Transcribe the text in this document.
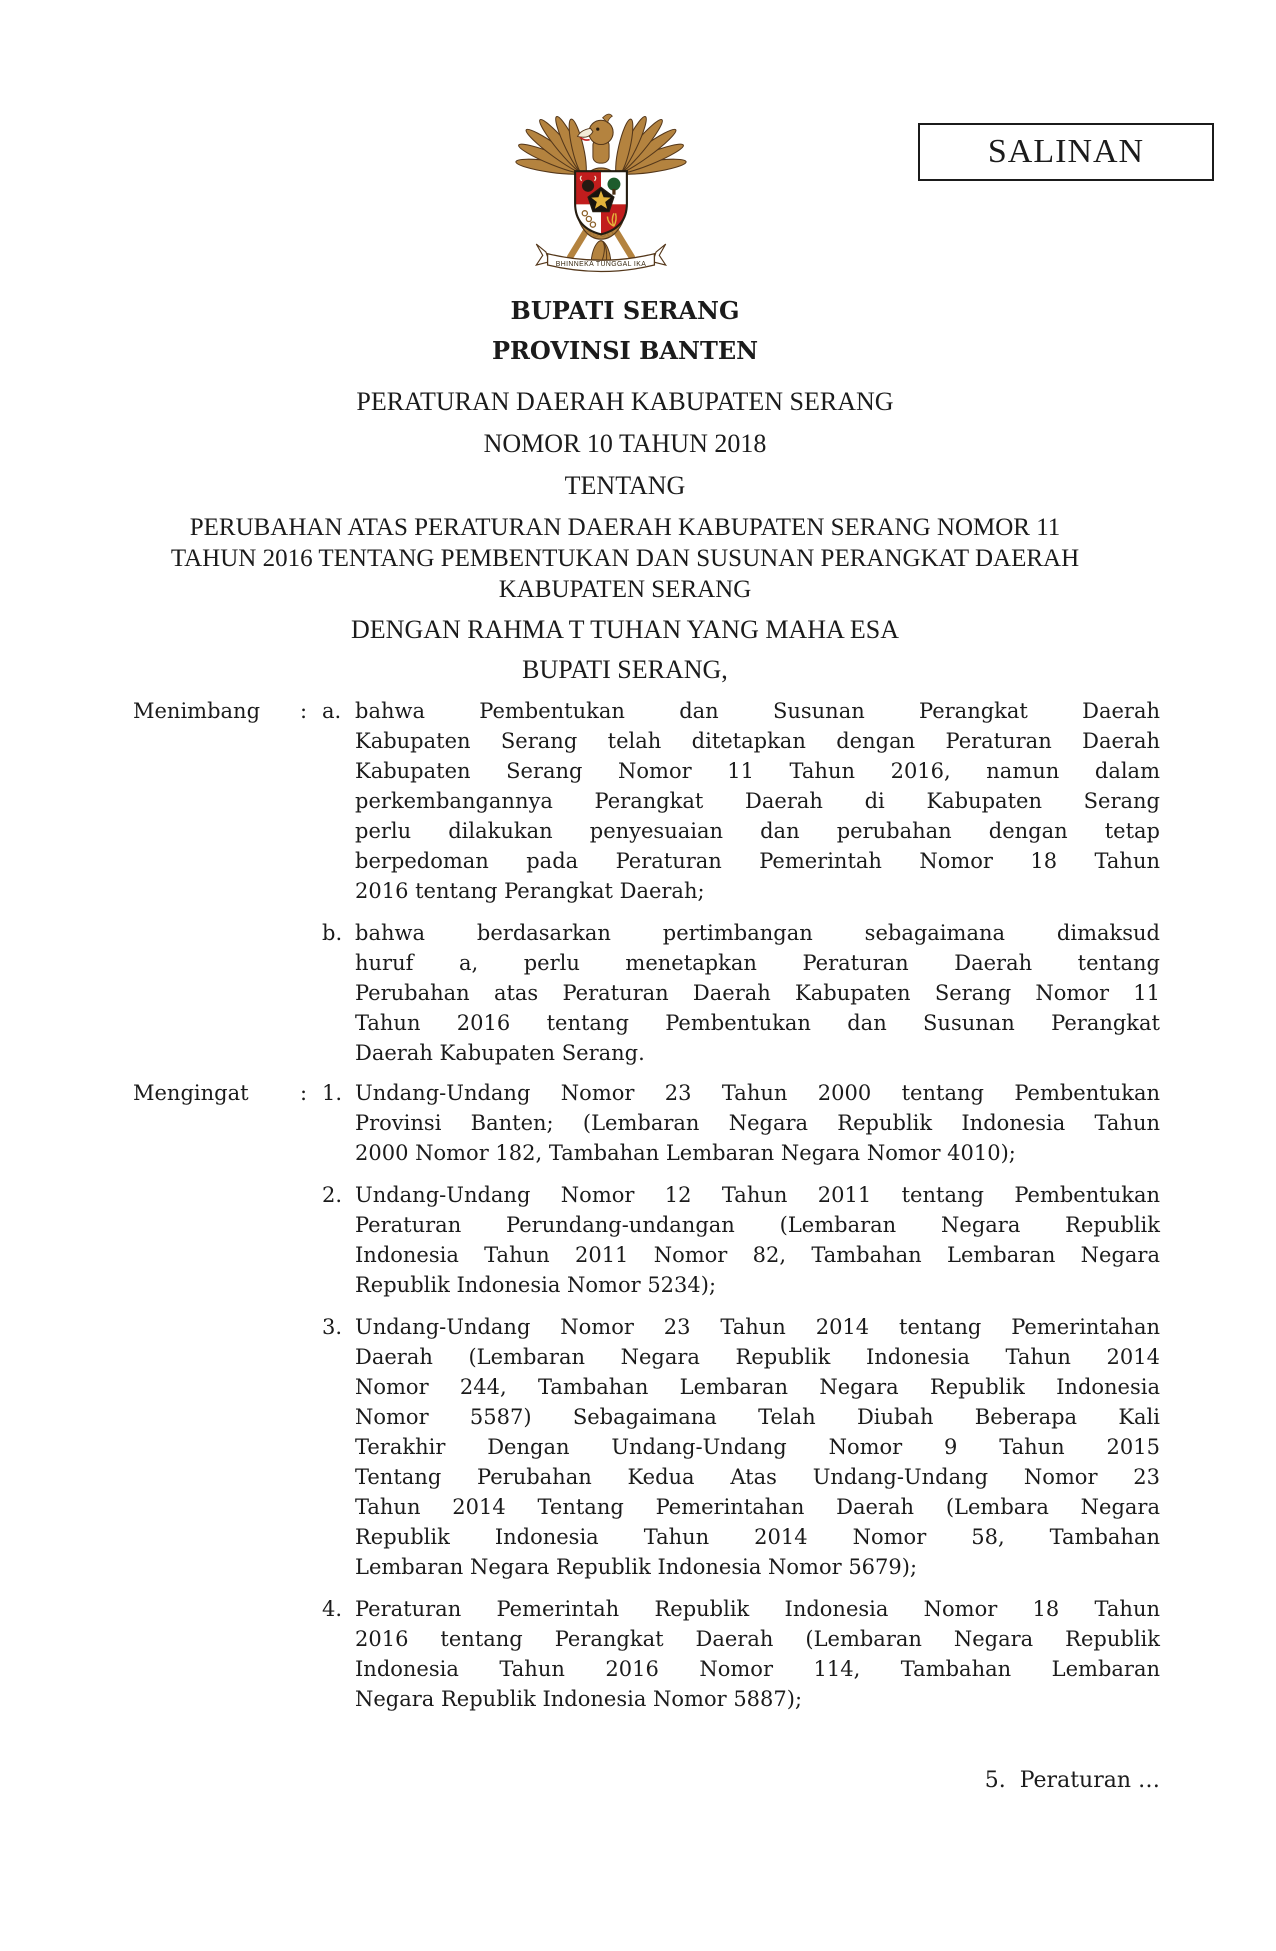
SALINAN
BHINNEKA TUNGGAL IKA
BUPATI SERANG
PROVINSI BANTEN
PERATURAN DAERAH KABUPATEN SERANG
NOMOR 10 TAHUN 2018
TENTANG
PERUBAHAN ATAS PERATURAN DAERAH KABUPATEN SERANG NOMOR 11
TAHUN 2016 TENTANG PEMBENTUKAN DAN SUSUNAN PERANGKAT DAERAH
KABUPATEN SERANG
DENGAN RAHMA T TUHAN YANG MAHA ESA
BUPATI SERANG,
Menimbang	: a. bahwa Pembentukan dan Susunan Perangkat Daerah
Kabupaten Serang telah ditetapkan dengan Peraturan Daerah
Kabupaten Serang Nomor 11 Tahun 2016, namun dalam
perkembangannya Perangkat Daerah di Kabupaten Serang
perlu dilakukan penyesuaian dan perubahan dengan tetap
berpedoman pada Peraturan Pemerintah Nomor 18 Tahun
2016 tentang Perangkat Daerah;
b. bahwa berdasarkan pertimbangan sebagaimana dimaksud
huruf a, perlu menetapkan Peraturan Daerah tentang
Perubahan atas Peraturan Daerah Kabupaten Serang Nomor 11
Tahun 2016 tentang Pembentukan dan Susunan Perangkat
Daerah Kabupaten Serang.
Mengingat	: 1. Undang-Undang Nomor 23 Tahun 2000 tentang Pembentukan
Provinsi Banten; (Lembaran Negara Republik Indonesia Tahun
2000 Nomor 182, Tambahan Lembaran Negara Nomor 4010);
2. Undang-Undang Nomor 12 Tahun 2011 tentang Pembentukan
Peraturan Perundang-undangan (Lembaran Negara Republik
Indonesia Tahun 2011 Nomor 82, Tambahan Lembaran Negara
Republik Indonesia Nomor 5234);
3. Undang-Undang Nomor 23 Tahun 2014 tentang Pemerintahan
Daerah (Lembaran Negara Republik Indonesia Tahun 2014
Nomor 244, Tambahan Lembaran Negara Republik Indonesia
Nomor 5587) Sebagaimana Telah Diubah Beberapa Kali
Terakhir Dengan Undang-Undang Nomor 9 Tahun 2015
Tentang Perubahan Kedua Atas Undang-Undang Nomor 23
Tahun 2014 Tentang Pemerintahan Daerah (Lembara Negara
Republik Indonesia Tahun 2014 Nomor 58, Tambahan
Lembaran Negara Republik Indonesia Nomor 5679);
4. Peraturan Pemerintah Republik Indonesia Nomor 18 Tahun
2016 tentang Perangkat Daerah (Lembaran Negara Republik
Indonesia Tahun 2016 Nomor 114, Tambahan Lembaran
Negara Republik Indonesia Nomor 5887);
5.  Peraturan …
